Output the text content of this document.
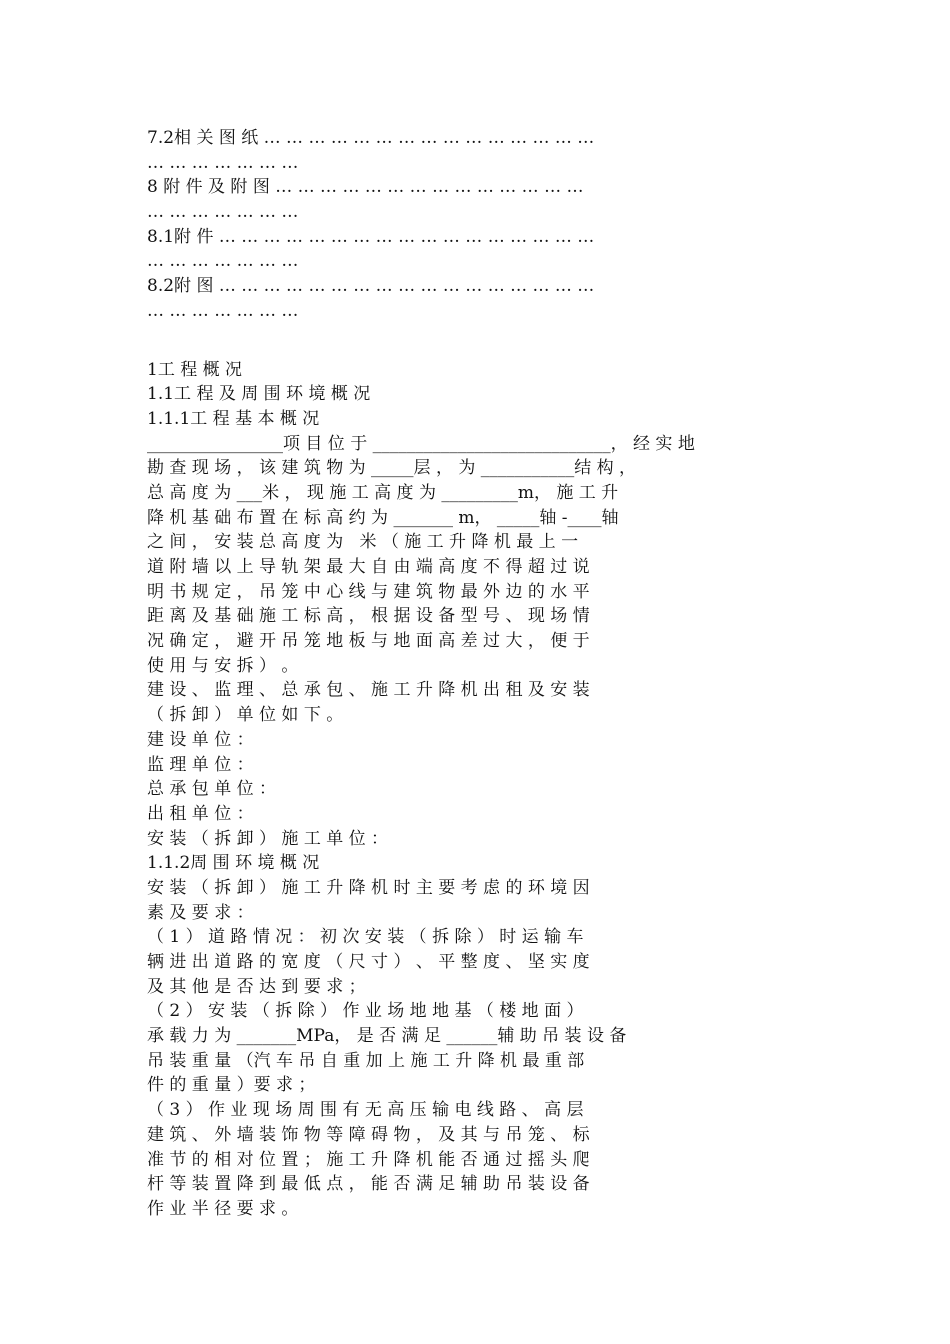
7.2相 关 图 纸 … … … … … … … … … … … … … … …
… … … … … … …
8 附 件 及 附 图 … … … … … … … … … … … … … …
… … … … … … …
8.1附 件 … … … … … … … … … … … … … … … … …
… … … … … … …
8.2附 图 … … … … … … … … … … … … … … … … …
… … … … … … …
1工 程 概 况
1.1工 程 及 周 围 环 境 概 况
1.1.1工 程 基 本 概 况
________________项 目 位 于 ____________________________， 经 实 地
勘 查 现 场 ， 该 建 筑 物 为 _____层 ， 为 ___________结 构 ，
总 高 度 为 ___米 ， 现 施 工 高 度 为 _________m， 施 工 升
降 机 基 础 布 置 在 标 高 约 为 _______ m， _____轴 -____轴
之 间 ， 安 装 总 高 度 为   米 （ 施 工 升 降 机 最 上 一
道 附 墙 以 上 导 轨 架 最 大 自 由 端 高 度 不 得 超 过 说
明 书 规 定 ， 吊 笼 中 心 线 与 建 筑 物 最 外 边 的 水 平
距 离 及 基 础 施 工 标 高 ， 根 据 设 备 型 号 、 现 场 情
况 确 定 ， 避 开 吊 笼 地 板 与 地 面 高 差 过 大 ， 便 于
使 用 与 安 拆 ） 。
建 设 、 监 理 、 总 承 包 、 施 工 升 降 机 出 租 及 安 装
（ 拆 卸 ） 单 位 如 下 。
建 设 单 位 ：
监 理 单 位 ：
总 承 包 单 位 ：
出 租 单 位 ：
安 装 （ 拆 卸 ） 施 工 单 位 ：
1.1.2周 围 环 境 概 况
安 装 （ 拆 卸 ） 施 工 升 降 机 时 主 要 考 虑 的 环 境 因
素 及 要 求 ：
（ 1 ） 道 路 情 况 ： 初 次 安 装 （ 拆 除 ） 时 运 输 车
辆 进 出 道 路 的 宽 度 （ 尺 寸 ） 、 平 整 度 、 坚 实 度
及 其 他 是 否 达 到 要 求 ；
（ 2 ） 安 装 （ 拆 除 ） 作 业 场 地 地 基 （ 楼 地 面 ）
承 载 力 为 _______MPa， 是 否 满 足 ______辅 助 吊 装 设 备
吊 装 重 量 （汽 车 吊 自 重 加 上 施 工 升 降 机 最 重 部
件 的 重 量 ）要 求 ；
（ 3 ） 作 业 现 场 周 围 有 无 高 压 输 电 线 路 、 高 层
建 筑 、 外 墙 装 饰 物 等 障 碍 物 ， 及 其 与 吊 笼 、 标
准 节 的 相 对 位 置 ； 施 工 升 降 机 能 否 通 过 摇 头 爬
杆 等 装 置 降 到 最 低 点 ， 能 否 满 足 辅 助 吊 装 设 备
作 业 半 径 要 求 。
